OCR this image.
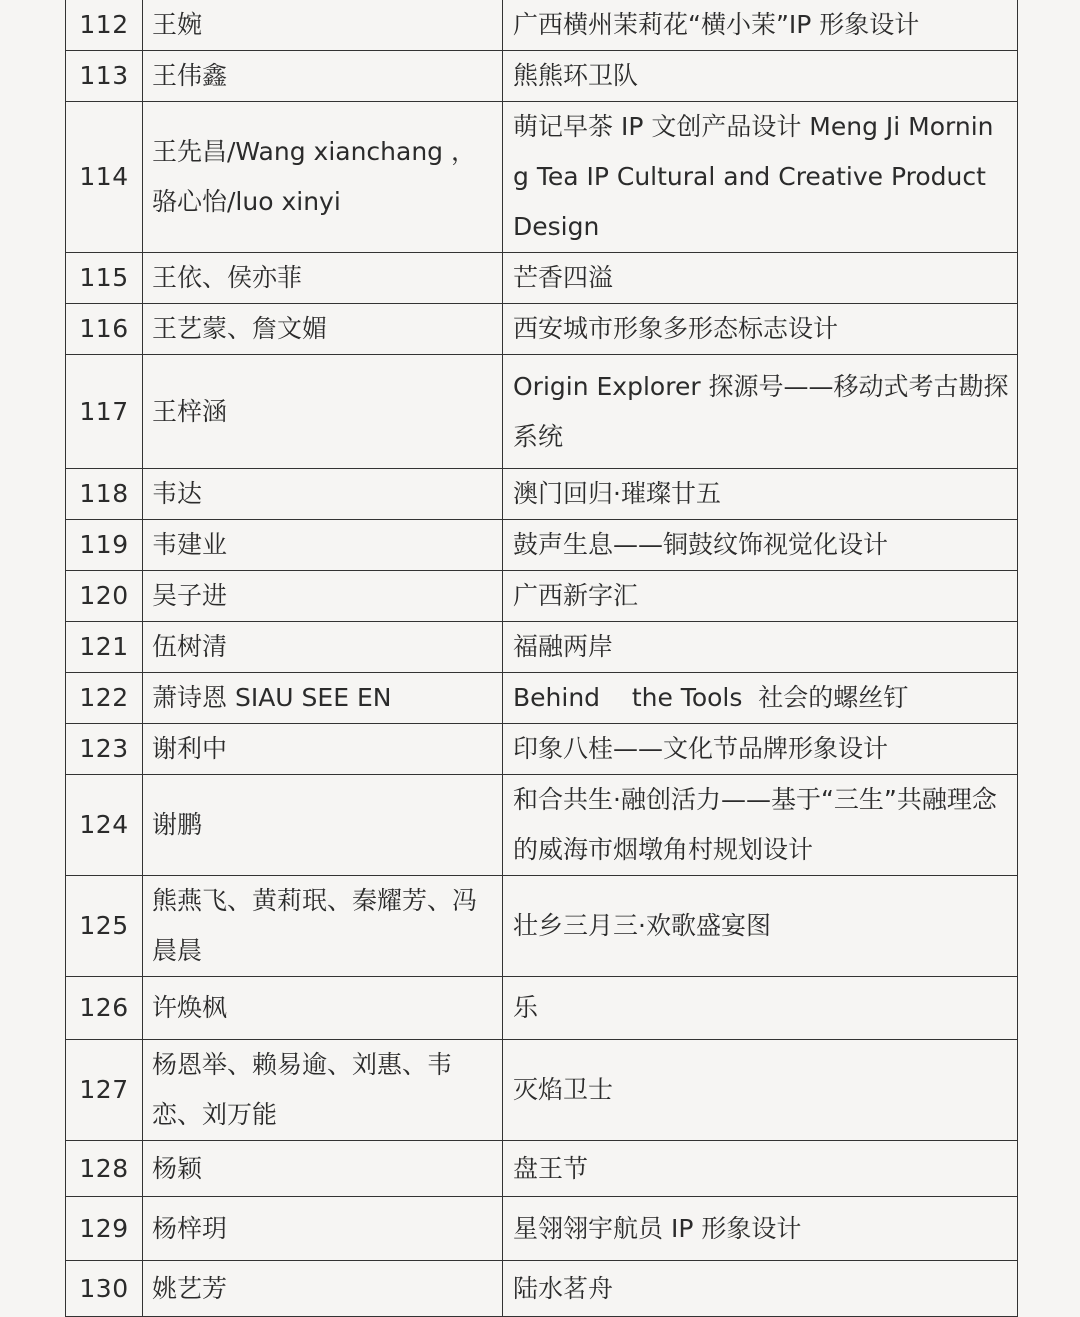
112	王婉	广西横州茉莉花“横小茉”IP 形象设计
113	王伟鑫	熊熊环卫队
114	王先昌/Wang xianchang ，骆心怡/luo xinyi	萌记早茶 IP 文创产品设计 Meng Ji Morning Tea IP Cultural and Creative Product Design
115	王依、侯亦菲	芒香四溢
116	王艺蒙、詹文媚	西安城市形象多形态标志设计
117	王梓涵	Origin Explorer 探源号——移动式考古勘探系统
118	韦达	澳门回归·璀璨廿五
119	韦建业	鼓声生息——铜鼓纹饰视觉化设计
120	吴子进	广西新字汇
121	伍树清	福融两岸
122	萧诗恩 SIAU SEE EN	Behind    the Tools  社会的螺丝钉
123	谢利中	印象八桂——文化节品牌形象设计
124	谢鹏	和合共生·融创活力——基于“三生”共融理念的威海市烟墩角村规划设计
125	熊燕飞、黄莉珉、秦耀芳、冯晨晨	壮乡三月三·欢歌盛宴图
126	许焕枫	乐
127	杨恩举、赖易逾、刘惠、韦恋、刘万能	灭焰卫士
128	杨颖	盘王节
129	杨梓玥	星翎翎宇航员 IP 形象设计
130	姚艺芳	陆水茗舟
